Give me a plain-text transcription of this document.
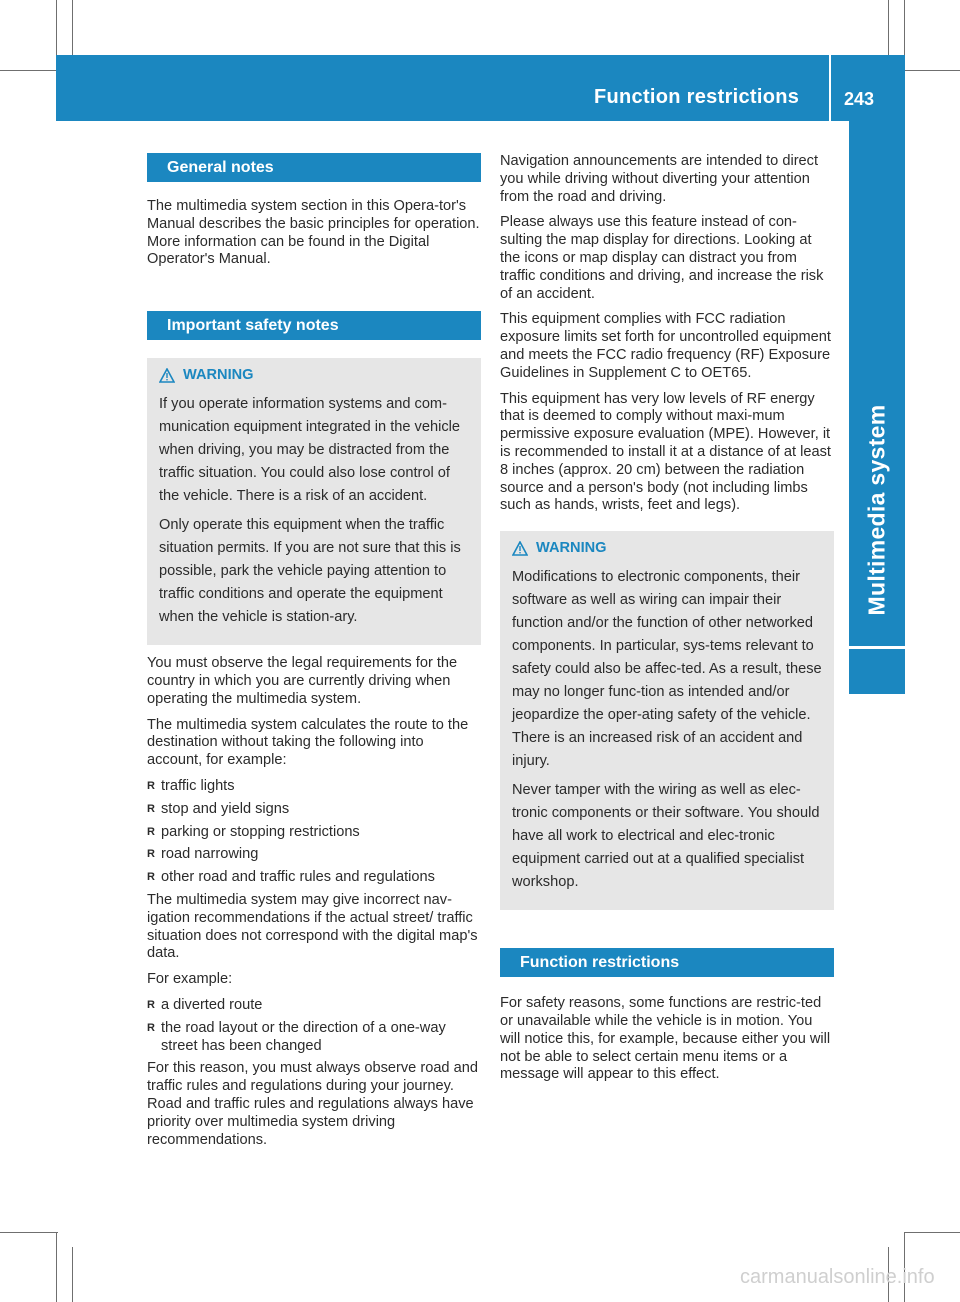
Function restrictions 243
Multimedia system
General notes

The multimedia system section in this Opera-tor's Manual describes the basic principles for operation. More information can be found in the Digital Operator's Manual.

Important safety notes
WARNING

If you operate information systems and com-munication equipment integrated in the vehicle when driving, you may be distracted from the traffic situation. You could also lose control of the vehicle. There is a risk of an accident.

Only operate this equipment when the traffic situation permits. If you are not sure that this is possible, park the vehicle paying attention to traffic conditions and operate the equipment when the vehicle is station-ary.

You must observe the legal requirements for the country in which you are currently driving when operating the multimedia system.

The multimedia system calculates the route to the destination without taking the following into account, for example:

R traffic lights
R stop and yield signs
R parking or stopping restrictions
R road narrowing
R other road and traffic rules and regulations

The multimedia system may give incorrect nav-igation recommendations if the actual street/ traffic situation does not correspond with the digital map's data.

For example:

R a diverted route
R the road layout or the direction of a one-way street has been changed

For this reason, you must always observe road and traffic rules and regulations during your journey. Road and traffic rules and regulations always have priority over multimedia system driving recommendations.

Navigation announcements are intended to direct you while driving without diverting your attention from the road and driving.

Please always use this feature instead of con-sulting the map display for directions. Looking at the icons or map display can distract you from traffic conditions and driving, and increase the risk of an accident.

This equipment complies with FCC radiation exposure limits set forth for uncontrolled equipment and meets the FCC radio frequency (RF) Exposure Guidelines in Supplement C to OET65.

This equipment has very low levels of RF energy that is deemed to comply without maxi-mum permissive exposure evaluation (MPE). However, it is recommended to install it at a distance of at least 8 inches (approx. 20 cm) between the radiation source and a person's body (not including limbs such as hands, wrists, feet and legs).

WARNING

Modifications to electronic components, their software as well as wiring can impair their function and/or the function of other networked components. In particular, sys-tems relevant to safety could also be affec-ted. As a result, these may no longer func-tion as intended and/or jeopardize the oper-ating safety of the vehicle. There is an increased risk of an accident and injury.

Never tamper with the wiring as well as elec-tronic components or their software. You should have all work to electrical and elec-tronic equipment carried out at a qualified specialist workshop.

Function restrictions

For safety reasons, some functions are restric-ted or unavailable while the vehicle is in motion. You will notice this, for example, because either you will not be able to select certain menu items or a message will appear to this effect.

carmanualsonline.info
